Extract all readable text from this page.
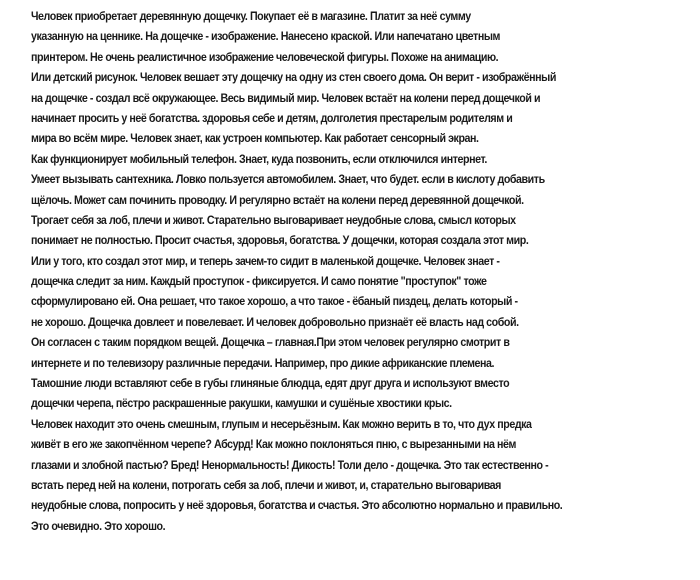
Человек приобретает деревянную дощечку. Покупает её в магазине. Платит за неё сумму
указанную на ценнике. На дощечке - изображение. Нанесено краской. Или напечатано цветным
принтером. Не очень реалистичное изображение человеческой фигуры. Похоже на анимацию.
Или детский рисунок. Человек вешает эту дощечку на одну из стен своего дома. Он верит - изображённый
на дощечке - создал всё окружающее. Весь видимый мир. Человек встаёт на колени перед дощечкой и
начинает просить у неё богатства. здоровья себе и детям, долголетия престарелым родителям и
мира во всём мире. Человек знает, как устроен компьютер. Как работает сенсорный экран.
Как функционирует мобильный телефон. Знает, куда позвонить, если отключился интернет.
Умеет вызывать сантехника. Ловко пользуется автомобилем. Знает, что будет. если в кислоту добавить
щёлочь. Может сам починить проводку. И регулярно встаёт на колени перед деревянной дощечкой.
Трогает себя за лоб, плечи и живот. Старательно выговаривает неудобные слова, смысл которых
понимает не полностью. Просит счастья, здоровья, богатства. У дощечки, которая создала этот мир.
Или у того, кто создал этот мир, и теперь зачем-то сидит в маленькой дощечке. Человек знает -
дощечка следит за ним. Каждый проступок - фиксируется. И само понятие "проступок" тоже
сформулировано ей. Она решает, что такое хорошо, а что такое - ёбаный пиздец, делать который -
не хорошо. Дощечка довлеет и повелевает. И человек добровольно признаёт её власть над собой.
Он согласен с таким порядком вещей. Дощечка – главная.При этом человек регулярно смотрит в
интернете и по телевизору различные передачи. Например, про дикие африканские племена.
Тамошние люди вставляют себе в губы глиняные блюдца, едят друг друга и используют вместо
дощечки черепа, пёстро раскрашенные ракушки, камушки и сушёные хвостики крыс.
Человек находит это очень смешным, глупым и несерьёзным. Как можно верить в то, что дух предка
живёт в его же закопчённом черепе? Абсурд! Как можно поклоняться пню, с вырезанными на нём
глазами и злобной пастью? Бред! Ненормальность! Дикость! Толи дело - дощечка. Это так естественно -
встать перед ней на колени, потрогать себя за лоб, плечи и живот, и, старательно выговаривая
неудобные слова, попросить у неё здоровья, богатства и счастья. Это абсолютно нормально и правильно.
Это очевидно. Это хорошо.
